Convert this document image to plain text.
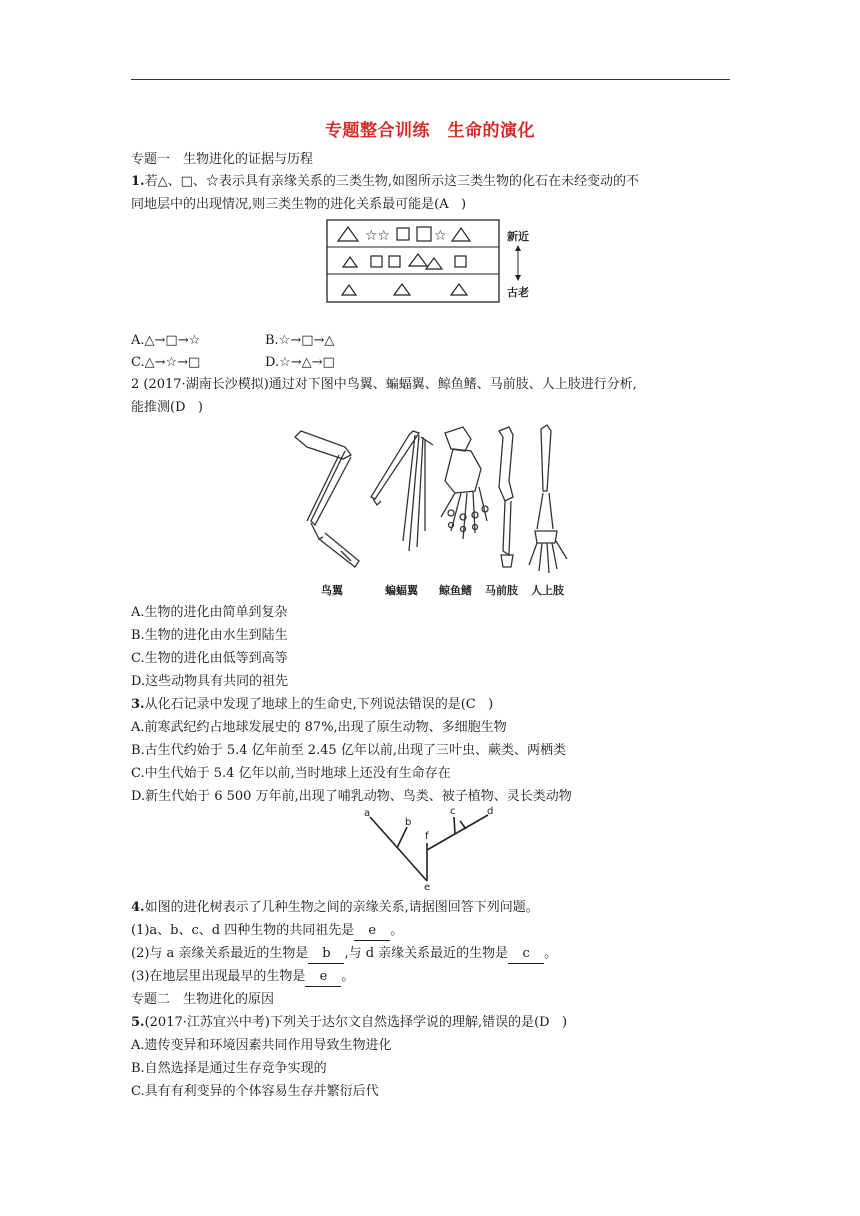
专题整合训练　生命的演化
专题一　生物进化的证据与历程
1.若△、□、☆表示具有亲缘关系的三类生物,如图所示这三类生物的化石在未经变动的不
同地层中的出现情况,则三类生物的进化关系最可能是(A )
☆☆	☆	新近
古老
A.△→□→☆	B.☆→□→△
C.△→☆→□	D.☆→△→□
2 (2017·湖南长沙模拟)通过对下图中鸟翼、蝙蝠翼、鲸鱼鳍、马前肢、人上肢进行分析,
能推测(D )
鸟翼	蝙蝠翼 鲸鱼鳍 马前肢 人上肢
A.生物的进化由简单到复杂
B.生物的进化由水生到陆生
C.生物的进化由低等到高等
D.这些动物具有共同的祖先
3.从化石记录中发现了地球上的生命史,下列说法错误的是(C )
A.前寒武纪约占地球发展史的 87%,出现了原生动物、多细胞生物
B.古生代约始于 5.4 亿年前至 2.45 亿年以前,出现了三叶虫、蕨类、两栖类
C.中生代始于 5.4 亿年以前,当时地球上还没有生命存在
D.新生代始于 6 500 万年前,出现了哺乳动物、鸟类、被子植物、灵长类动物
a
b
c	d
e
f
4.如图的进化树表示了几种生物之间的亲缘关系,请据图回答下列问题。
(1)a、b、c、d 四种生物的共同祖先是 e 。
(2)与 a 亲缘关系最近的生物是 b ,与 d 亲缘关系最近的生物是 c 。
(3)在地层里出现最早的生物是 e 。
专题二　生物进化的原因
5.(2017·江苏宜兴中考)下列关于达尔文自然选择学说的理解,错误的是(D )
A.遗传变异和环境因素共同作用导致生物进化
B.自然选择是通过生存竞争实现的
C.具有有利变异的个体容易生存并繁衍后代
